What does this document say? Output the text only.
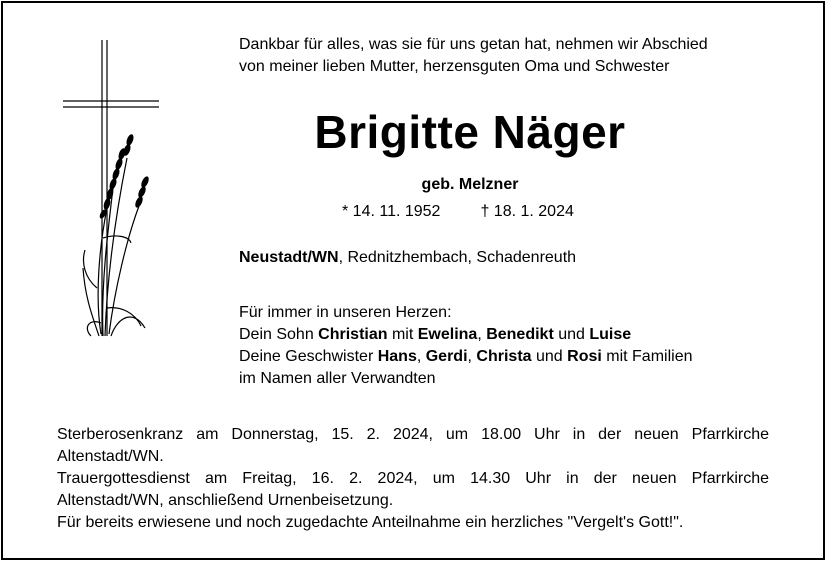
Dankbar für alles, was sie für uns getan hat, nehmen wir Abschied
von meiner lieben Mutter, herzensguten Oma und Schwester
Brigitte Näger
geb. Melzner
* 14. 11. 1952	† 18. 1. 2024
Neustadt/WN, Rednitzhembach, Schadenreuth
Für immer in unseren Herzen:
Dein Sohn Christian mit Ewelina, Benedikt und Luise
Deine Geschwister Hans, Gerdi, Christa und Rosi mit Familien
im Namen aller Verwandten
Sterberosenkranz am Donnerstag, 15. 2. 2024, um 18.00 Uhr in der neuen Pfarrkirche
Altenstadt/WN.
Trauergottesdienst am Freitag, 16. 2. 2024, um 14.30 Uhr in der neuen Pfarrkirche
Altenstadt/WN, anschließend Urnenbeisetzung.
Für bereits erwiesene und noch zugedachte Anteilnahme ein herzliches "Vergelt's Gott!".
